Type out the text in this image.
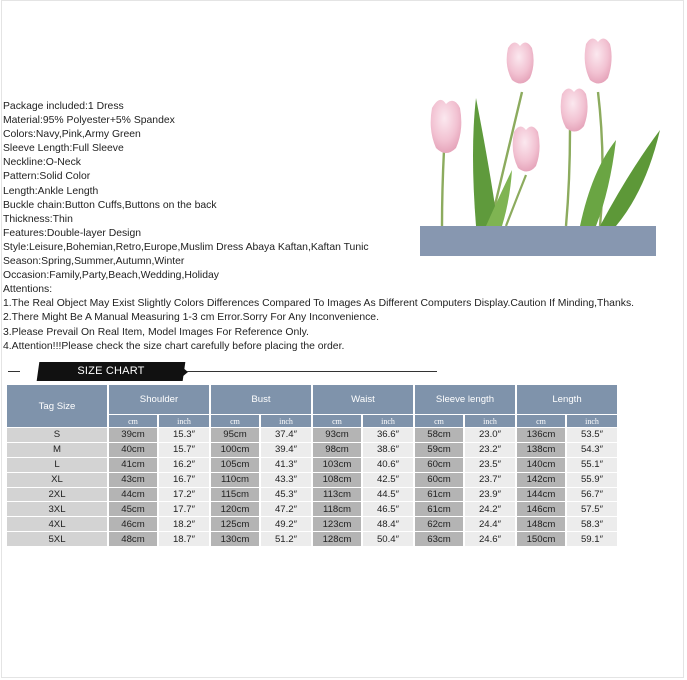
Package included:1 Dress
Material:95% Polyester+5% Spandex
Colors:Navy,Pink,Army Green
Sleeve Length:Full Sleeve
Neckline:O-Neck
Pattern:Solid Color
Length:Ankle Length
Buckle chain:Button Cuffs,Buttons on the back
Thickness:Thin
Features:Double-layer Design
Style:Leisure,Bohemian,Retro,Europe,Muslim Dress Abaya Kaftan,Kaftan Tunic
Season:Spring,Summer,Autumn,Winter
Occasion:Family,Party,Beach,Wedding,Holiday
Attentions:
1.The Real Object May Exist Slightly Colors Differences Compared To Images As Different Computers Display.Caution If Minding,Thanks.
2.There Might Be A Manual Measuring 1-3 cm Error.Sorry For Any Inconvenience.
3.Please Prevail On Real Item, Model Images For Reference Only.
4.Attention!!!Please check the size chart carefully before placing the order.
SIZE CHART
Tag Size	Shoulder		Bust		Waist		Sleeve length		Length	
	cm	inch	cm	inch	cm	inch	cm	inch	cm	inch
S	39cm	15.3″	95cm	37.4″	93cm	36.6″	58cm	23.0″	136cm	53.5″
M	40cm	15.7″	100cm	39.4″	98cm	38.6″	59cm	23.2″	138cm	54.3″
L	41cm	16.2″	105cm	41.3″	103cm	40.6″	60cm	23.5″	140cm	55.1″
XL	43cm	16.7″	110cm	43.3″	108cm	42.5″	60cm	23.7″	142cm	55.9″
2XL	44cm	17.2″	115cm	45.3″	113cm	44.5″	61cm	23.9″	144cm	56.7″
3XL	45cm	17.7″	120cm	47.2″	118cm	46.5″	61cm	24.2″	146cm	57.5″
4XL	46cm	18.2″	125cm	49.2″	123cm	48.4″	62cm	24.4″	148cm	58.3″
5XL	48cm	18.7″	130cm	51.2″	128cm	50.4″	63cm	24.6″	150cm	59.1″
